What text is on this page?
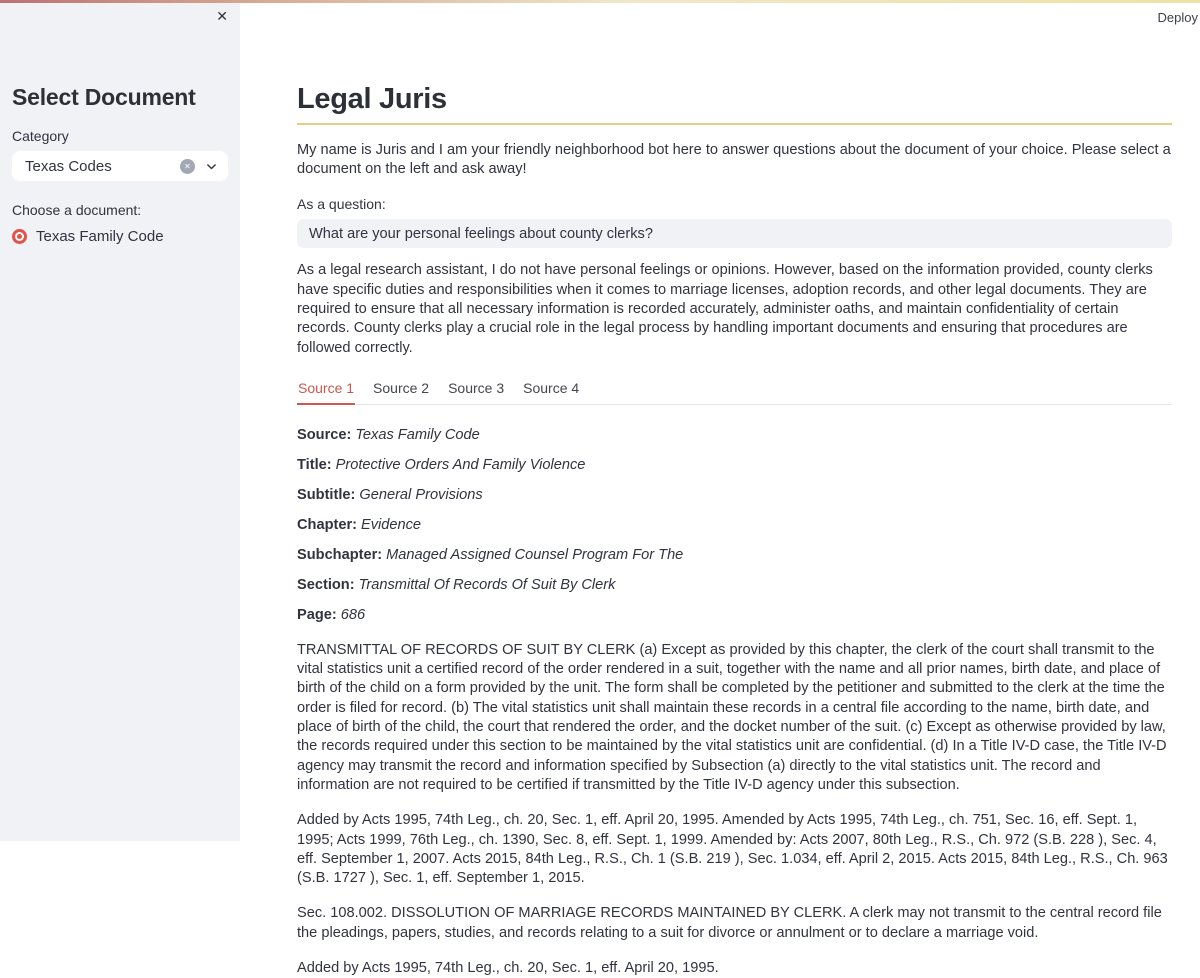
Deploy
✕
Select Document
Category
Texas Codes	✕
Choose a document:
Texas Family Code
Legal Juris

My name is Juris and I am your friendly neighborhood bot here to answer questions about the document of your choice. Please select a document on the left and ask away!

As a question:
What are your personal feelings about county clerks?

As a legal research assistant, I do not have personal feelings or opinions. However, based on the information provided, county clerks have specific duties and responsibilities when it comes to marriage licenses, adoption records, and other legal documents. They are required to ensure that all necessary information is recorded accurately, administer oaths, and maintain confidentiality of certain records. County clerks play a crucial role in the legal process by handling important documents and ensuring that procedures are followed correctly.

Source 1 Source 2 Source 3 Source 4

Source: Texas Family Code

Title: Protective Orders And Family Violence

Subtitle: General Provisions

Chapter: Evidence

Subchapter: Managed Assigned Counsel Program For The

Section: Transmittal Of Records Of Suit By Clerk

Page: 686

TRANSMITTAL OF RECORDS OF SUIT BY CLERK (a) Except as provided by this chapter, the clerk of the court shall transmit to the vital statistics unit a certified record of the order rendered in a suit, together with the name and all prior names, birth date, and place of birth of the child on a form provided by the unit. The form shall be completed by the petitioner and submitted to the clerk at the time the order is filed for record. (b) The vital statistics unit shall maintain these records in a central file according to the name, birth date, and place of birth of the child, the court that rendered the order, and the docket number of the suit. (c) Except as otherwise provided by law, the records required under this section to be maintained by the vital statistics unit are confidential. (d) In a Title IV-D case, the Title IV-D agency may transmit the record and information specified by Subsection (a) directly to the vital statistics unit. The record and information are not required to be certified if transmitted by the Title IV-D agency under this subsection.

Added by Acts 1995, 74th Leg., ch. 20, Sec. 1, eff. April 20, 1995. Amended by Acts 1995, 74th Leg., ch. 751, Sec. 16, eff. Sept. 1, 1995; Acts 1999, 76th Leg., ch. 1390, Sec. 8, eff. Sept. 1, 1999. Amended by: Acts 2007, 80th Leg., R.S., Ch. 972 (S.B. 228 ), Sec. 4, eff. September 1, 2007. Acts 2015, 84th Leg., R.S., Ch. 1 (S.B. 219 ), Sec. 1.034, eff. April 2, 2015. Acts 2015, 84th Leg., R.S., Ch. 963 (S.B. 1727 ), Sec. 1, eff. September 1, 2015.

Sec. 108.002. DISSOLUTION OF MARRIAGE RECORDS MAINTAINED BY CLERK. A clerk may not transmit to the central record file the pleadings, papers, studies, and records relating to a suit for divorce or annulment or to declare a marriage void.

Added by Acts 1995, 74th Leg., ch. 20, Sec. 1, eff. April 20, 1995.
